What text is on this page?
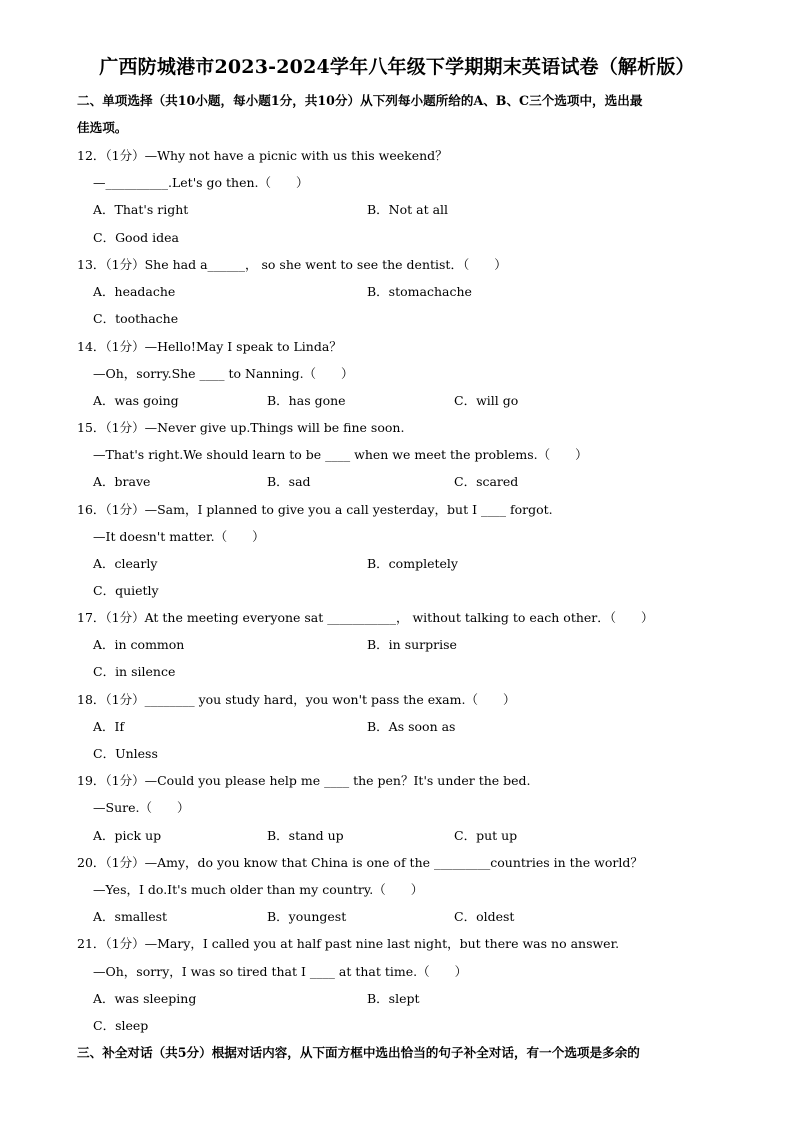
广西防城港市2023-2024学年八年级下学期期末英语试卷（解析版）
二、单项选择（共10小题，每小题1分，共10分）从下列每小题所给的A、B、C三个选项中，选出最
佳选项。
12．（1分）—Why not have a picnic with us this weekend？
—__________.Let's go then.（　　）
A．That's right	B．Not at all
C．Good idea
13．（1分）She had a______， so she went to see the dentist．（　　）
A．headache	B．stomachache
C．toothache
14．（1分）—Hello!May I speak to Linda？
—Oh，sorry.She ____ to Nanning.（　　）
A．was going	B．has gone	C．will go
15．（1分）—Never give up.Things will be fine soon.
—That's right.We should learn to be ____ when we meet the problems.（　　）
A．brave	B．sad	C．scared
16．（1分）—Sam，I planned to give you a call yesterday，but I ____ forgot.
—It doesn't matter.（　　）
A．clearly	B．completely
C．quietly
17．（1分）At the meeting everyone sat ___________， without talking to each other．（　　）
A．in common	B．in surprise
C．in silence
18．（1分）________ you study hard，you won't pass the exam.（　　）
A．If	B．As soon as
C．Unless
19．（1分）—Could you please help me ____ the pen？It's under the bed.
—Sure.（　　）
A．pick up	B．stand up	C．put up
20．（1分）—Amy，do you know that China is one of the _________countries in the world？
—Yes，I do.It's much older than my country.（　　）
A．smallest	B．youngest	C．oldest
21．（1分）—Mary，I called you at half past nine last night，but there was no answer.
—Oh，sorry，I was so tired that I ____ at that time.（　　）
A．was sleeping	B．slept
C．sleep
三、补全对话（共5分）根据对话内容，从下面方框中选出恰当的句子补全对话，有一个选项是多余的
